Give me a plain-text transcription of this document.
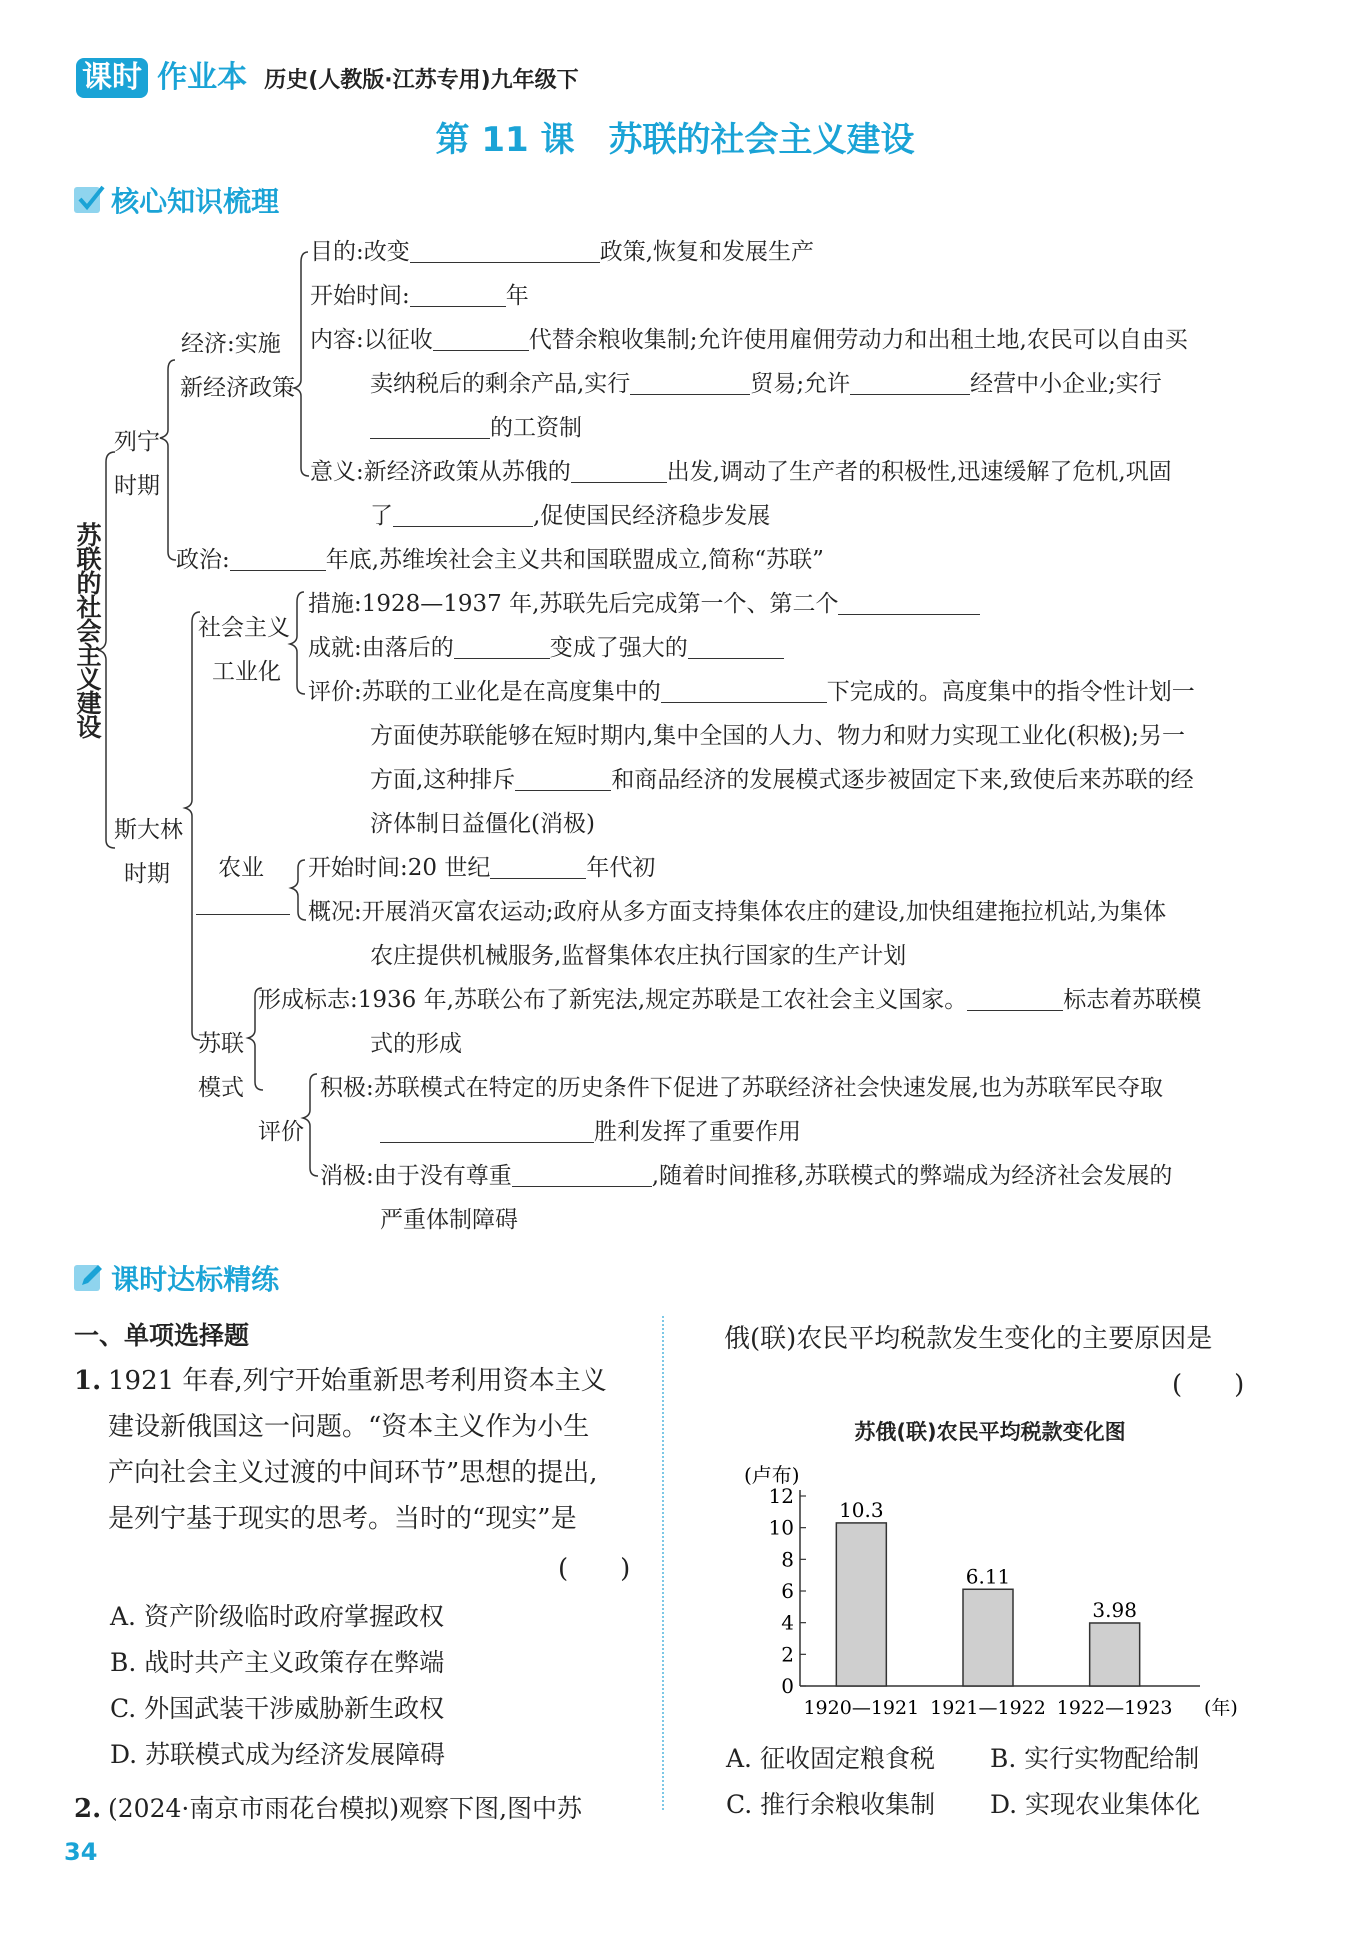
课时 作业本 历史(人教版·江苏专用)九年级下
第 11 课　苏联的社会主义建设
核心知识梳理
苏联的社会主义建设
列宁
时期
经济:实施
新经济政策
目的:改变	政策,恢复和发展生产
开始时间:	年
内容:以征收	代替余粮收集制;允许使用雇佣劳动力和出租土地,农民可以自由买
卖纳税后的剩余产品,实行	贸易;允许	经营中小企业;实行
的工资制
意义:新经济政策从苏俄的	出发,调动了生产者的积极性,迅速缓解了危机,巩固
了	,促使国民经济稳步发展
政治:	年底,苏维埃社会主义共和国联盟成立,简称“苏联”
斯大林
时期
社会主义
工业化
措施:1928—1937 年,苏联先后完成第一个、第二个
成就:由落后的	变成了强大的
评价:苏联的工业化是在高度集中的	下完成的。高度集中的指令性计划一
方面使苏联能够在短时期内,集中全国的人力、物力和财力实现工业化(积极);另一
方面,这种排斥	和商品经济的发展模式逐步被固定下来,致使后来苏联的经
济体制日益僵化(消极)
农业 开始时间:20 世纪	年代初
概况:开展消灭富农运动;政府从多方面支持集体农庄的建设,加快组建拖拉机站,为集体
农庄提供机械服务,监督集体农庄执行国家的生产计划
苏联
模式
形成标志:1936 年,苏联公布了新宪法,规定苏联是工农社会主义国家。	标志着苏联模
式的形成
评价
积极:苏联模式在特定的历史条件下促进了苏联经济社会快速发展,也为苏联军民夺取
胜利发挥了重要作用
消极:由于没有尊重	,随着时间推移,苏联模式的弊端成为经济社会发展的
严重体制障碍
课时达标精练
一、单项选择题
1. 1921 年春,列宁开始重新思考利用资本主义
建设新俄国这一问题。“资本主义作为小生
产向社会主义过渡的中间环节”思想的提出,
是列宁基于现实的思考。当时的“现实”是
(　　)
A. 资产阶级临时政府掌握政权
B. 战时共产主义政策存在弊端
C. 外国武装干涉威胁新生政权
D. 苏联模式成为经济发展障碍
2. (2024·南京市雨花台模拟)观察下图,图中苏
俄(联)农民平均税款发生变化的主要原因是
(　　)
苏俄(联)农民平均税款变化图
(卢布)
0
2
4
6
8
10
12
10.3
1920—1921
6.11
1921—1922
3.98
1922—1923 (年)
A. 征收固定粮食税	B. 实行实物配给制
C. 推行余粮收集制	D. 实现农业集体化
34
